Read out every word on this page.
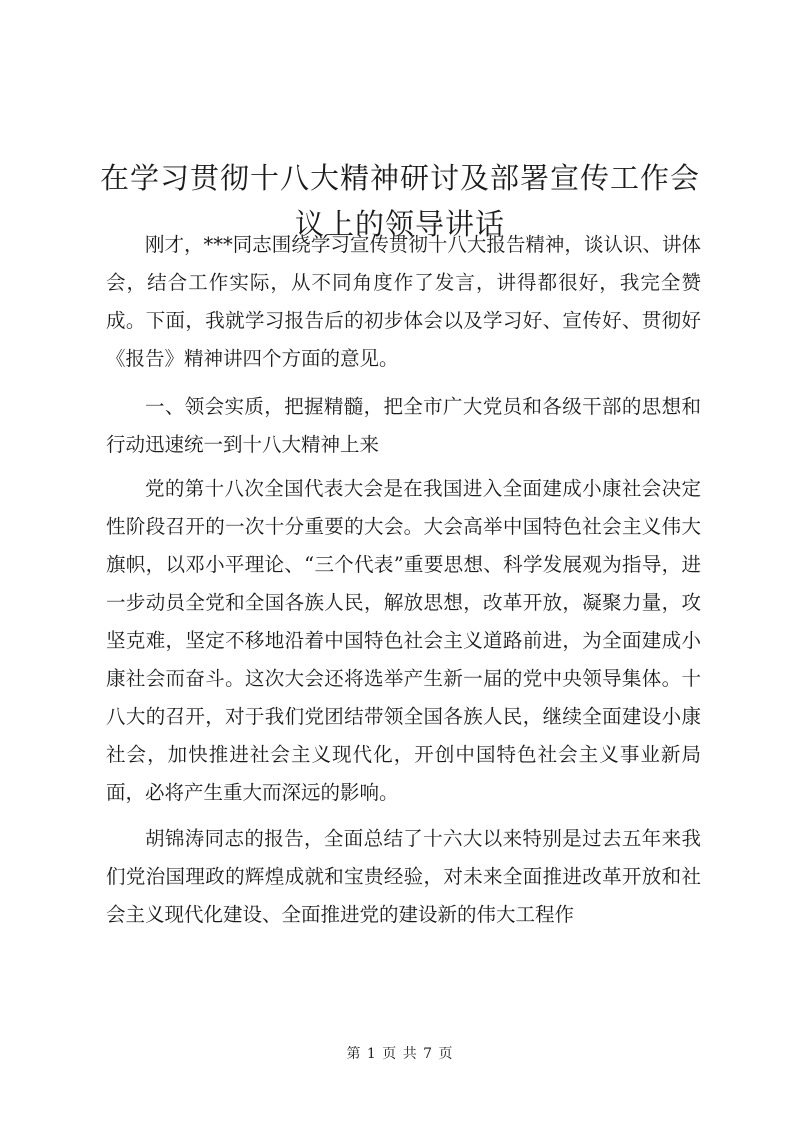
在学习贯彻十八大精神研讨及部署宣传工作会
议上的领导讲话

刚才，***同志围绕学习宣传贯彻十八大报告精神，谈认识、讲体会，结合工作实际，从不同角度作了发言，讲得都很好，我完全赞成。下面，我就学习报告后的初步体会以及学习好、宣传好、贯彻好《报告》精神讲四个方面的意见。

一、领会实质，把握精髓，把全市广大党员和各级干部的思想和行动迅速统一到十八大精神上来

党的第十八次全国代表大会是在我国进入全面建成小康社会决定性阶段召开的一次十分重要的大会。大会高举中国特色社会主义伟大旗帜，以邓小平理论、“三个代表”重要思想、科学发展观为指导，进一步动员全党和全国各族人民，解放思想，改革开放，凝聚力量，攻坚克难，坚定不移地沿着中国特色社会主义道路前进，为全面建成小康社会而奋斗。这次大会还将选举产生新一届的党中央领导集体。十八大的召开，对于我们党团结带领全国各族人民，继续全面建设小康社会，加快推进社会主义现代化，开创中国特色社会主义事业新局面，必将产生重大而深远的影响。

胡锦涛同志的报告，全面总结了十六大以来特别是过去五年来我们党治国理政的辉煌成就和宝贵经验，对未来全面推进改革开放和社会主义现代化建设、全面推进党的建设新的伟大工程作

第 1 页 共 7 页
